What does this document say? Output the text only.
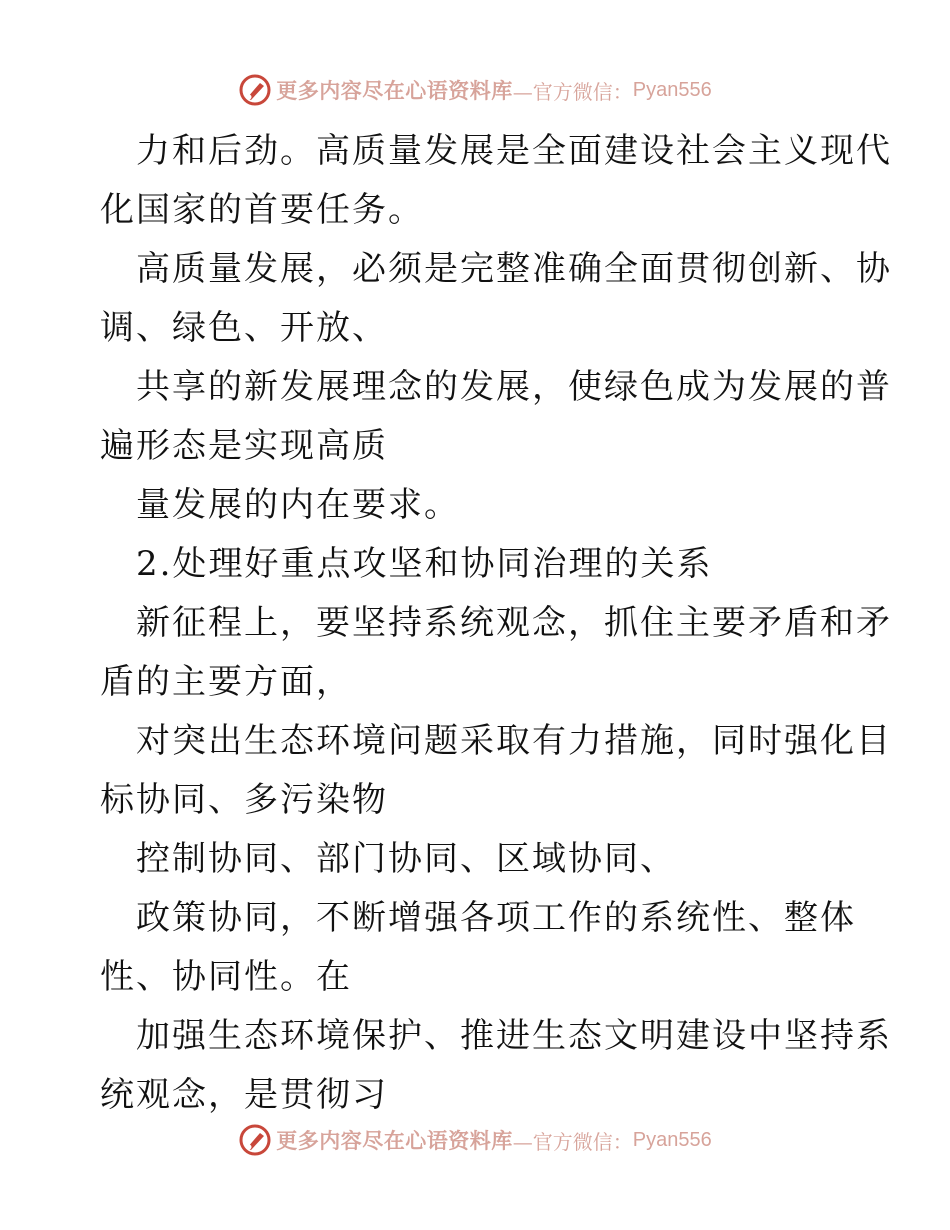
更多内容尽在心语资料库 —官方微信： Pyan556
力和后劲。高质量发展是全面建设社会主义现代
化国家的首要任务。
高质量发展，必须是完整准确全面贯彻创新、协
调、绿色、开放、
共享的新发展理念的发展，使绿色成为发展的普
遍形态是实现高质
量发展的内在要求。
2.处理好重点攻坚和协同治理的关系
新征程上，要坚持系统观念，抓住主要矛盾和矛
盾的主要方面，
对突出生态环境问题采取有力措施，同时强化目
标协同、多污染物
控制协同、部门协同、区域协同、
政策协同，不断增强各项工作的系统性、整体
性、协同性。在
加强生态环境保护、推进生态文明建设中坚持系
统观念，是贯彻习
更多内容尽在心语资料库 —官方微信： Pyan556
